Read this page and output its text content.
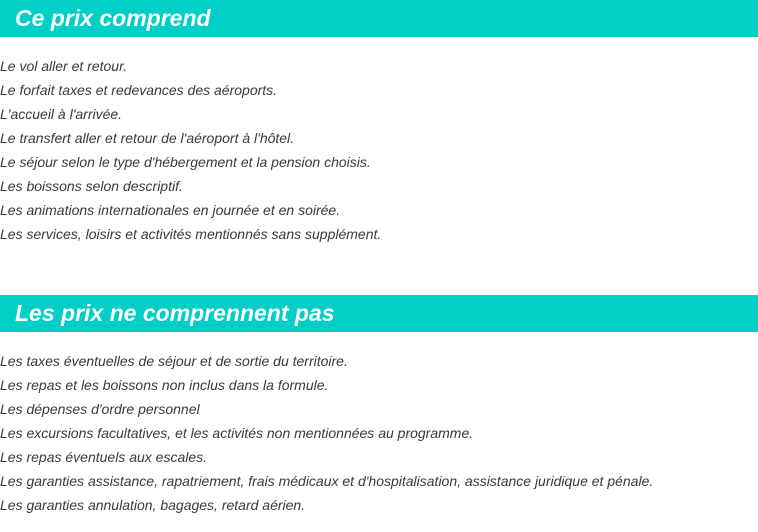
Ce prix comprend
Le vol aller et retour.
Le forfait taxes et redevances des aéroports.
L'accueil à l'arrivée.
Le transfert aller et retour de l'aéroport à l'hôtel.
Le séjour selon le type d'hébergement et la pension choisis.
Les boissons selon descriptif.
Les animations internationales en journée et en soirée.
Les services, loisirs et activités mentionnés sans supplément.
Les prix ne comprennent pas
Les taxes éventuelles de séjour et de sortie du territoire.
Les repas et les boissons non inclus dans la formule.
Les dépenses d'ordre personnel
Les excursions facultatives, et les activités non mentionnées au programme.
Les repas éventuels aux escales.
Les garanties assistance, rapatriement, frais médicaux et d'hospitalisation, assistance juridique et pénale.
Les garanties annulation, bagages, retard aérien.
